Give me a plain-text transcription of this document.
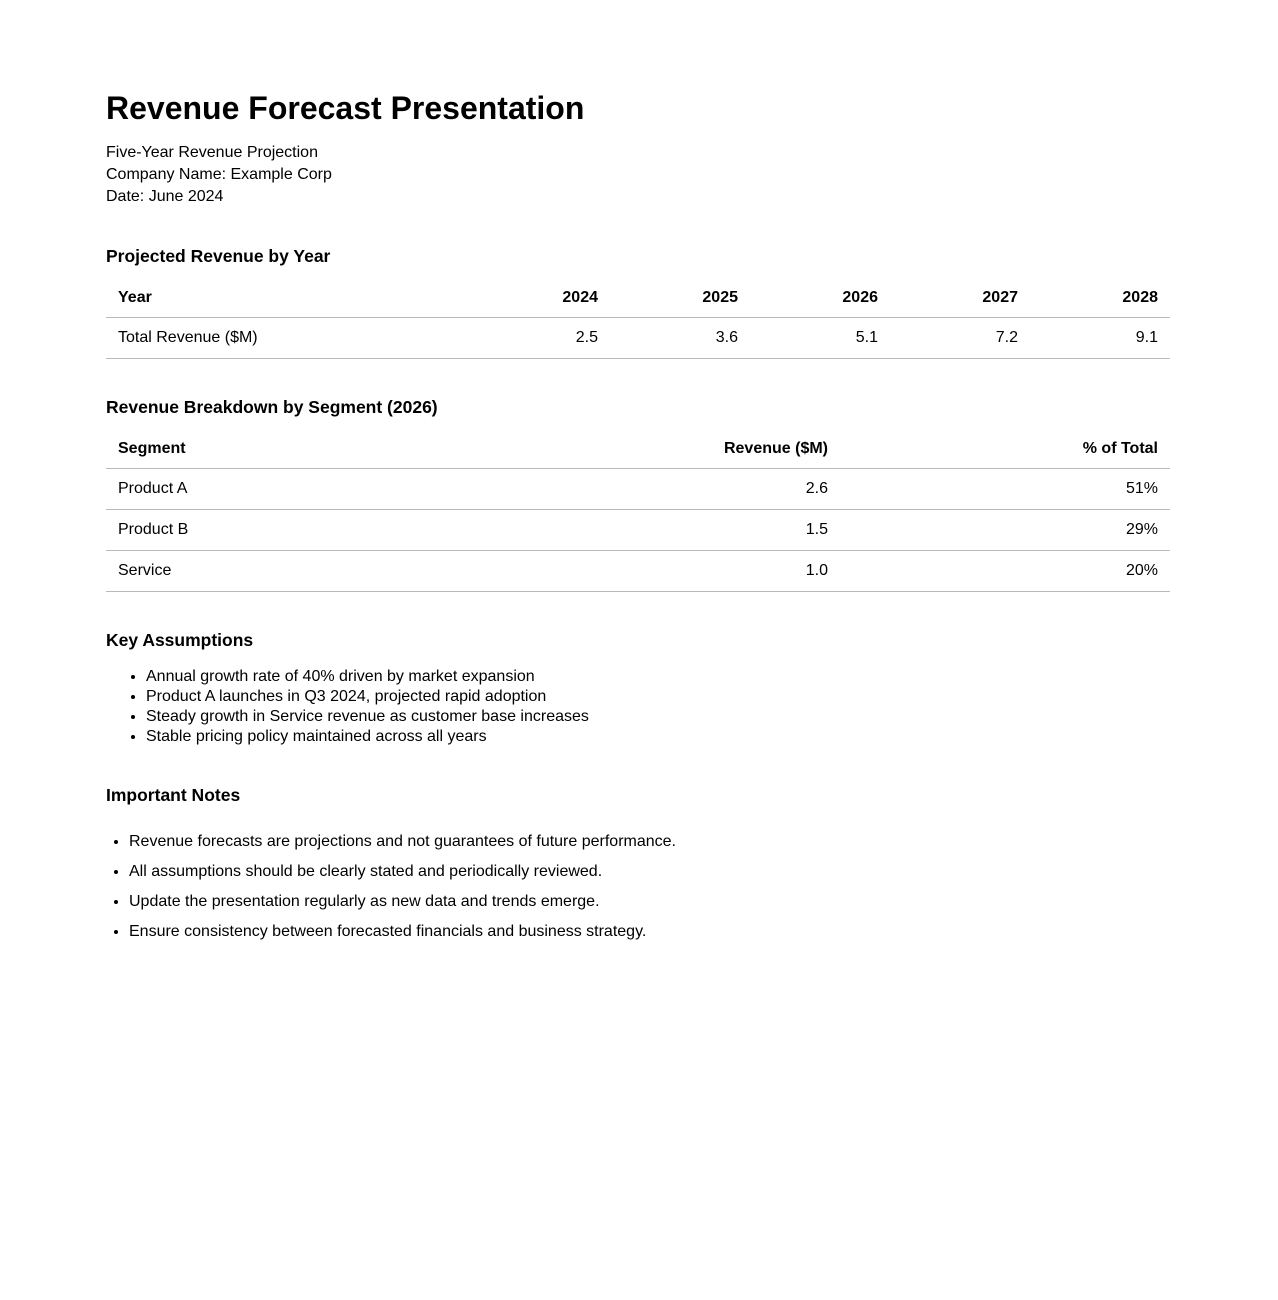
Revenue Forecast Presentation

Five-Year Revenue Projection

Company Name: Example Corp

Date: June 2024

Projected Revenue by Year
Year	2024	2025	2026	2027	2028
Total Revenue ($M)	2.5	3.6	5.1	7.2	9.1
Revenue Breakdown by Segment (2026)
Segment	Revenue ($M)	% of Total
Product A	2.6	51%
Product B	1.5	29%
Service	1.0	20%
Key Assumptions
• Annual growth rate of 40% driven by market expansion
• Product A launches in Q3 2024, projected rapid adoption
• Steady growth in Service revenue as customer base increases
• Stable pricing policy maintained across all years
Important Notes
• Revenue forecasts are projections and not guarantees of future performance.
• All assumptions should be clearly stated and periodically reviewed.
• Update the presentation regularly as new data and trends emerge.
• Ensure consistency between forecasted financials and business strategy.
